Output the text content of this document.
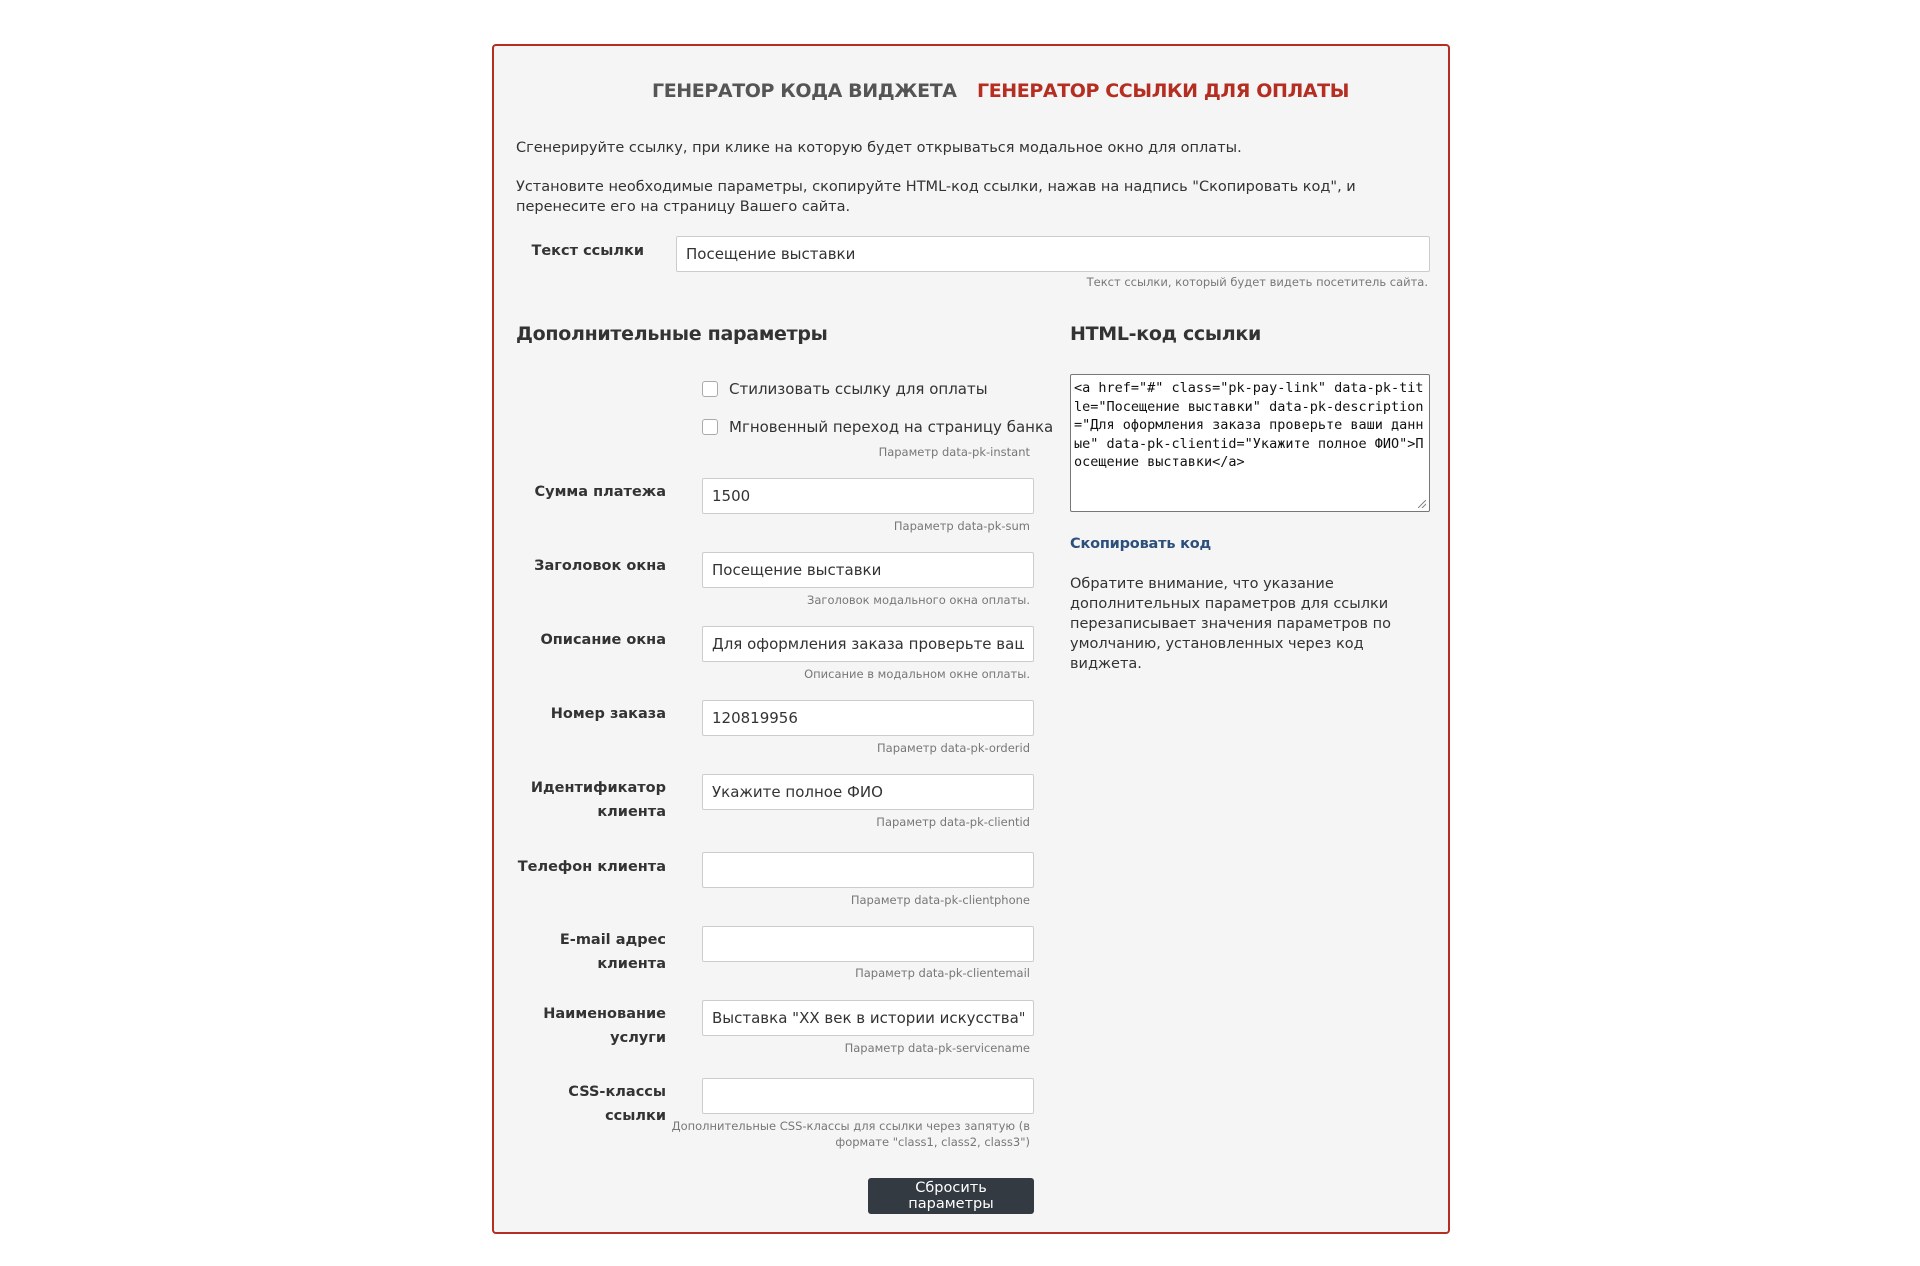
ГЕНЕРАТОР КОДА ВИДЖЕТА ГЕНЕРАТОР ССЫЛКИ ДЛЯ ОПЛАТЫ
Сгенерируйте ссылку, при клике на которую будет открываться модальное окно для оплаты.
Установите необходимые параметры, скопируйте HTML-код ссылки, нажав на надпись "Скопировать код", и перенесите его на страницу Вашего сайта.
Текст ссылки
Посещение выставки
Текст ссылки, который будет видеть посетитель сайта.
Дополнительные параметры	HTML-код ссылки
Стилизовать ссылку для оплаты
Мгновенный переход на страницу банка
Параметр data-pk-instant
Сумма платежа
1500
Параметр data-pk-sum
Заголовок окна
Посещение выставки
Заголовок модального окна оплаты.
Описание окна
Для оформления заказа проверьте ваши данные
Описание в модальном окне оплаты.
Номер заказа
120819956
Параметр data-pk-orderid
Идентификатор
клиента
Укажите полное ФИО
Параметр data-pk-clientid
Телефон клиента
Параметр data-pk-clientphone
E-mail адрес клиента
Параметр data-pk-clientemail
Наименование
услуги
Выставка "XX век в истории искусства"
Параметр data-pk-servicename
CSS-классы ссылки
Дополнительные CSS-классы для ссылки через запятую (в
формате "class1, class2, class3")
Сбросить параметры
<a href="#" class="pk-pay-link" data-pk-title="Посещение выставки" data-pk-description="Для оформления заказа проверьте ваши данные" data-pk-clientid="Укажите полное ФИО">Посещение выставки</a>
Скопировать код
Обратите внимание, что указание дополнительных параметров для ссылки перезаписывает значения параметров по умолчанию, установленных через код виджета.
